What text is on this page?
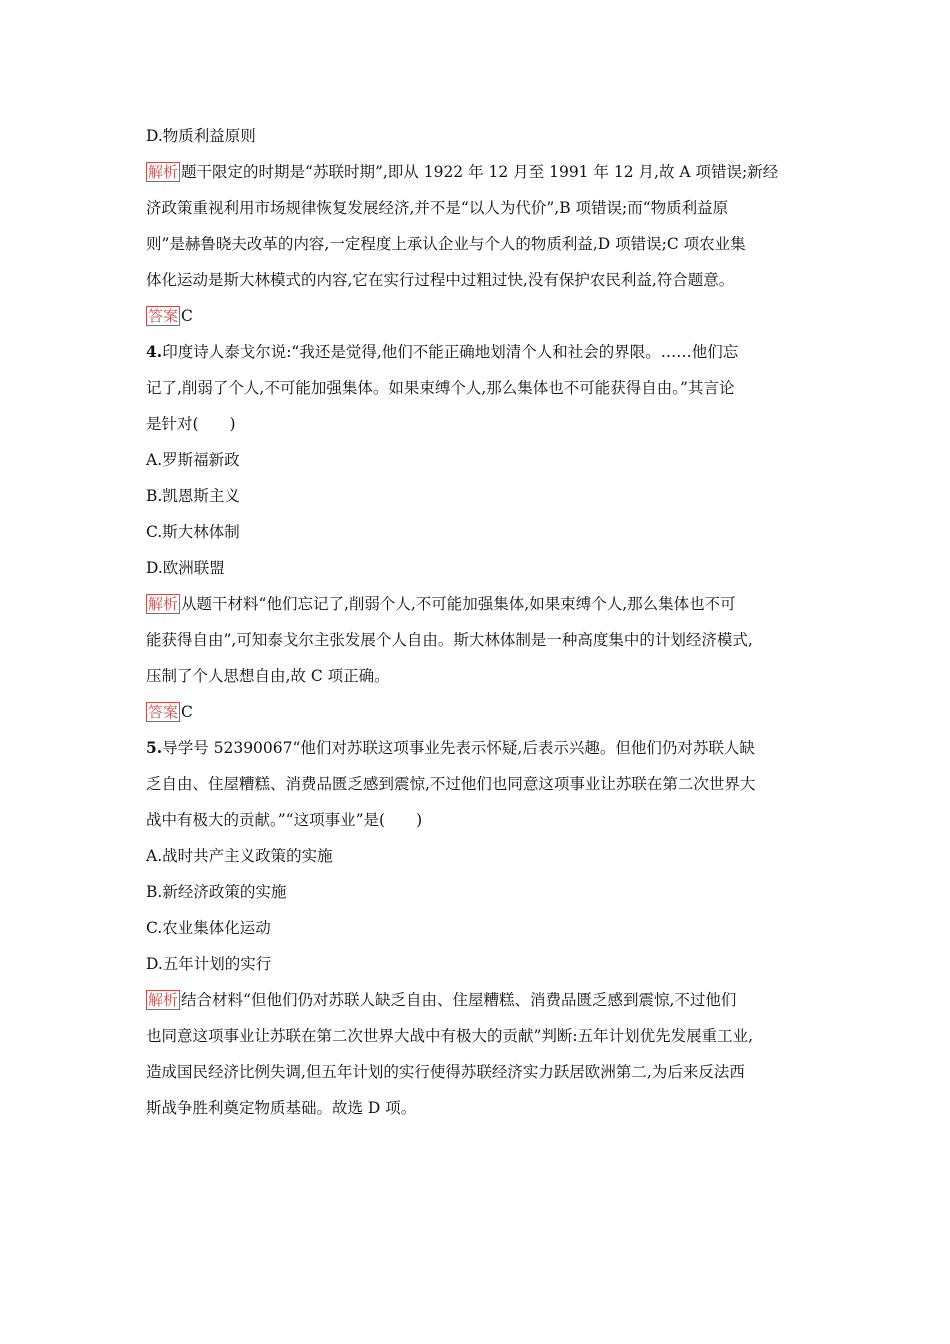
D.物质利益原则
解析 题干限定的时期是“苏联时期”,即从 1922 年 12 月至 1991 年 12 月,故 A 项错误;新经
济政策重视利用市场规律恢复发展经济,并不是“以人为代价”,B 项错误;而“物质利益原
则”是赫鲁晓夫改革的内容,一定程度上承认企业与个人的物质利益,D 项错误;C 项农业集
体化运动是斯大林模式的内容,它在实行过程中过粗过快,没有保护农民利益,符合题意。
答案 C
4.印度诗人泰戈尔说:“我还是觉得,他们不能正确地划清个人和社会的界限。……他们忘
记了,削弱了个人,不可能加强集体。如果束缚个人,那么集体也不可能获得自由。”其言论
是针对(　　)
A.罗斯福新政
B.凯恩斯主义
C.斯大林体制
D.欧洲联盟
解析 从题干材料“他们忘记了,削弱个人,不可能加强集体,如果束缚个人,那么集体也不可
能获得自由”,可知泰戈尔主张发展个人自由。斯大林体制是一种高度集中的计划经济模式,
压制了个人思想自由,故 C 项正确。
答案 C
5.导学号 52390067“他们对苏联这项事业先表示怀疑,后表示兴趣。但他们仍对苏联人缺
乏自由、住屋糟糕、消费品匮乏感到震惊,不过他们也同意这项事业让苏联在第二次世界大
战中有极大的贡献。”“这项事业”是(　　)
A.战时共产主义政策的实施
B.新经济政策的实施
C.农业集体化运动
D.五年计划的实行
解析 结合材料“但他们仍对苏联人缺乏自由、住屋糟糕、消费品匮乏感到震惊,不过他们
也同意这项事业让苏联在第二次世界大战中有极大的贡献”判断:五年计划优先发展重工业,
造成国民经济比例失调,但五年计划的实行使得苏联经济实力跃居欧洲第二,为后来反法西
斯战争胜利奠定物质基础。故选 D 项。
